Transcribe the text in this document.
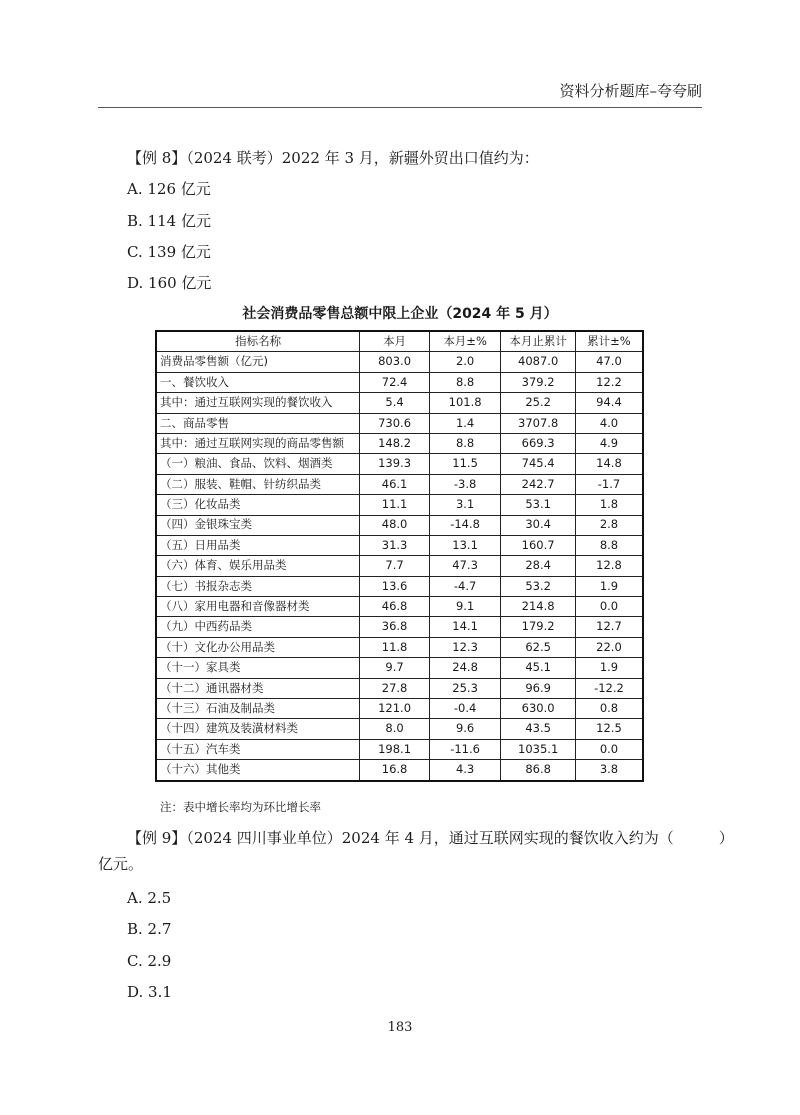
资料分析题库–夸夸刷
【例 8】（2024 联考）2022 年 3 月，新疆外贸出口值约为：
A. 126 亿元
B. 114 亿元
C. 139 亿元
D. 160 亿元
社会消费品零售总额中限上企业（2024 年 5 月）
指标名称	本月	本月±%	本月止累计	累计±%
消费品零售额（亿元)	803.0	2.0	4087.0	47.0
一、餐饮收入	72.4	8.8	379.2	12.2
其中：通过互联网实现的餐饮收入	5.4	101.8	25.2	94.4
二、商品零售	730.6	1.4	3707.8	4.0
其中：通过互联网实现的商品零售额	148.2	8.8	669.3	4.9
（一）粮油、食品、饮料、烟酒类	139.3	11.5	745.4	14.8
（二）服装、鞋帽、针纺织品类	46.1	-3.8	242.7	-1.7
（三）化妆品类	11.1	3.1	53.1	1.8
（四）金银珠宝类	48.0	-14.8	30.4	2.8
（五）日用品类	31.3	13.1	160.7	8.8
（六）体育、娱乐用品类	7.7	47.3	28.4	12.8
（七）书报杂志类	13.6	-4.7	53.2	1.9
（八）家用电器和音像器材类	46.8	9.1	214.8	0.0
（九）中西药品类	36.8	14.1	179.2	12.7
（十）文化办公用品类	11.8	12.3	62.5	22.0
（十一）家具类	9.7	24.8	45.1	1.9
（十二）通讯器材类	27.8	25.3	96.9	-12.2
（十三）石油及制品类	121.0	-0.4	630.0	0.8
（十四）建筑及装潢材料类	8.0	9.6	43.5	12.5
（十五）汽车类	198.1	-11.6	1035.1	0.0
（十六）其他类	16.8	4.3	86.8	3.8
注：表中增长率均为环比增长率
【例 9】（2024 四川事业单位）2024 年 4 月，通过互联网实现的餐饮收入约为（　　　）
亿元。
A. 2.5
B. 2.7
C. 2.9
D. 3.1
183
